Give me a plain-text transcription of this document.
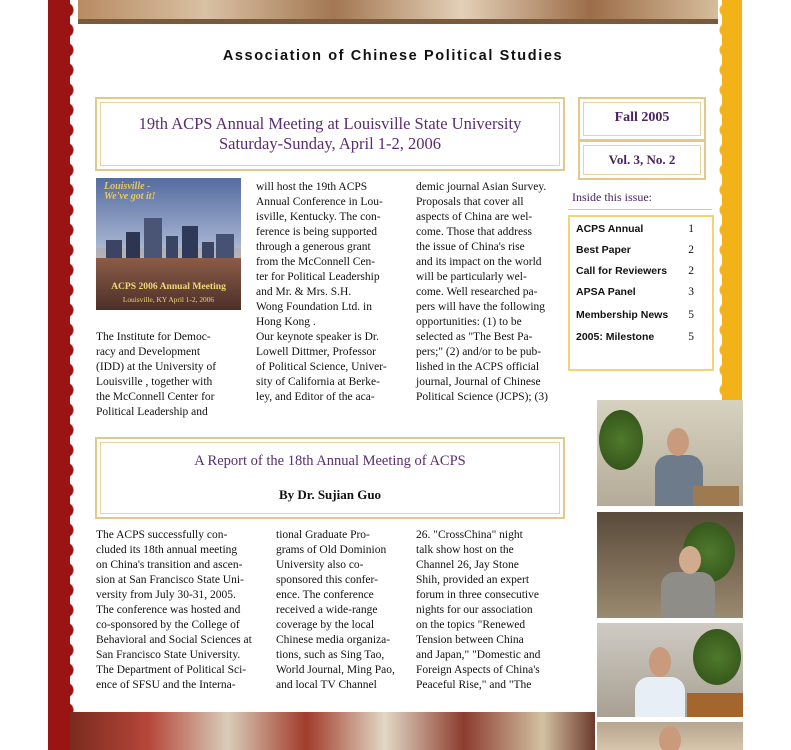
Association of Chinese Political Studies
19th ACPS Annual Meeting at Louisville State University
Saturday-Sunday, April 1-2, 2006
Fall 2005
Vol. 3, No. 2
Inside this issue:
ACPS Annual	1
Best Paper	2
Call for Reviewers 2
APSA Panel	3
Membership News 5
2005: Milestone	5
Louisville -
We've got it!
ACPS 2006 Annual Meeting
Louisville, KY April 1-2, 2006
The Institute for Democ-
racy and Development
(IDD) at the University of
Louisville , together with
the McConnell Center for
Political Leadership and
will host the 19th ACPS
Annual Conference in Lou-
isville, Kentucky. The con-
ference is being supported
through a generous grant
from the McConnell Cen-
ter for Political Leadership
and Mr. & Mrs. S.H.
Wong Foundation Ltd. in
Hong Kong .
Our keynote speaker is Dr.
Lowell Dittmer, Professor
of Political Science, Univer-
sity of California at Berke-
ley, and Editor of the aca-
demic journal Asian Survey.
Proposals that cover all
aspects of China are wel-
come. Those that address
the issue of China's rise
and its impact on the world
will be particularly wel-
come. Well researched pa-
pers will have the following
opportunities: (1) to be
selected as "The Best Pa-
pers;" (2) and/or to be pub-
lished in the ACPS official
journal, Journal of Chinese
Political Science (JCPS); (3)
A Report of the 18th Annual Meeting of ACPS
By Dr. Sujian Guo
The ACPS successfully con-
cluded its 18th annual meeting
on China's transition and ascen-
sion at San Francisco State Uni-
versity from July 30-31, 2005.
The conference was hosted and
co-sponsored by the College of
Behavioral and Social Sciences at
San Francisco State University.
The Department of Political Sci-
ence of SFSU and the Interna-
tional Graduate Pro-
grams of Old Dominion
University also co-
sponsored this confer-
ence. The conference
received a wide-range
coverage by the local
Chinese media organiza-
tions, such as Sing Tao,
World Journal, Ming Pao,
and local TV Channel
26. "CrossChina" night
talk show host on the
Channel 26, Jay Stone
Shih, provided an expert
forum in three consecutive
nights for our association
on the topics "Renewed
Tension between China
and Japan," "Domestic and
Foreign Aspects of China's
Peaceful Rise," and "The
